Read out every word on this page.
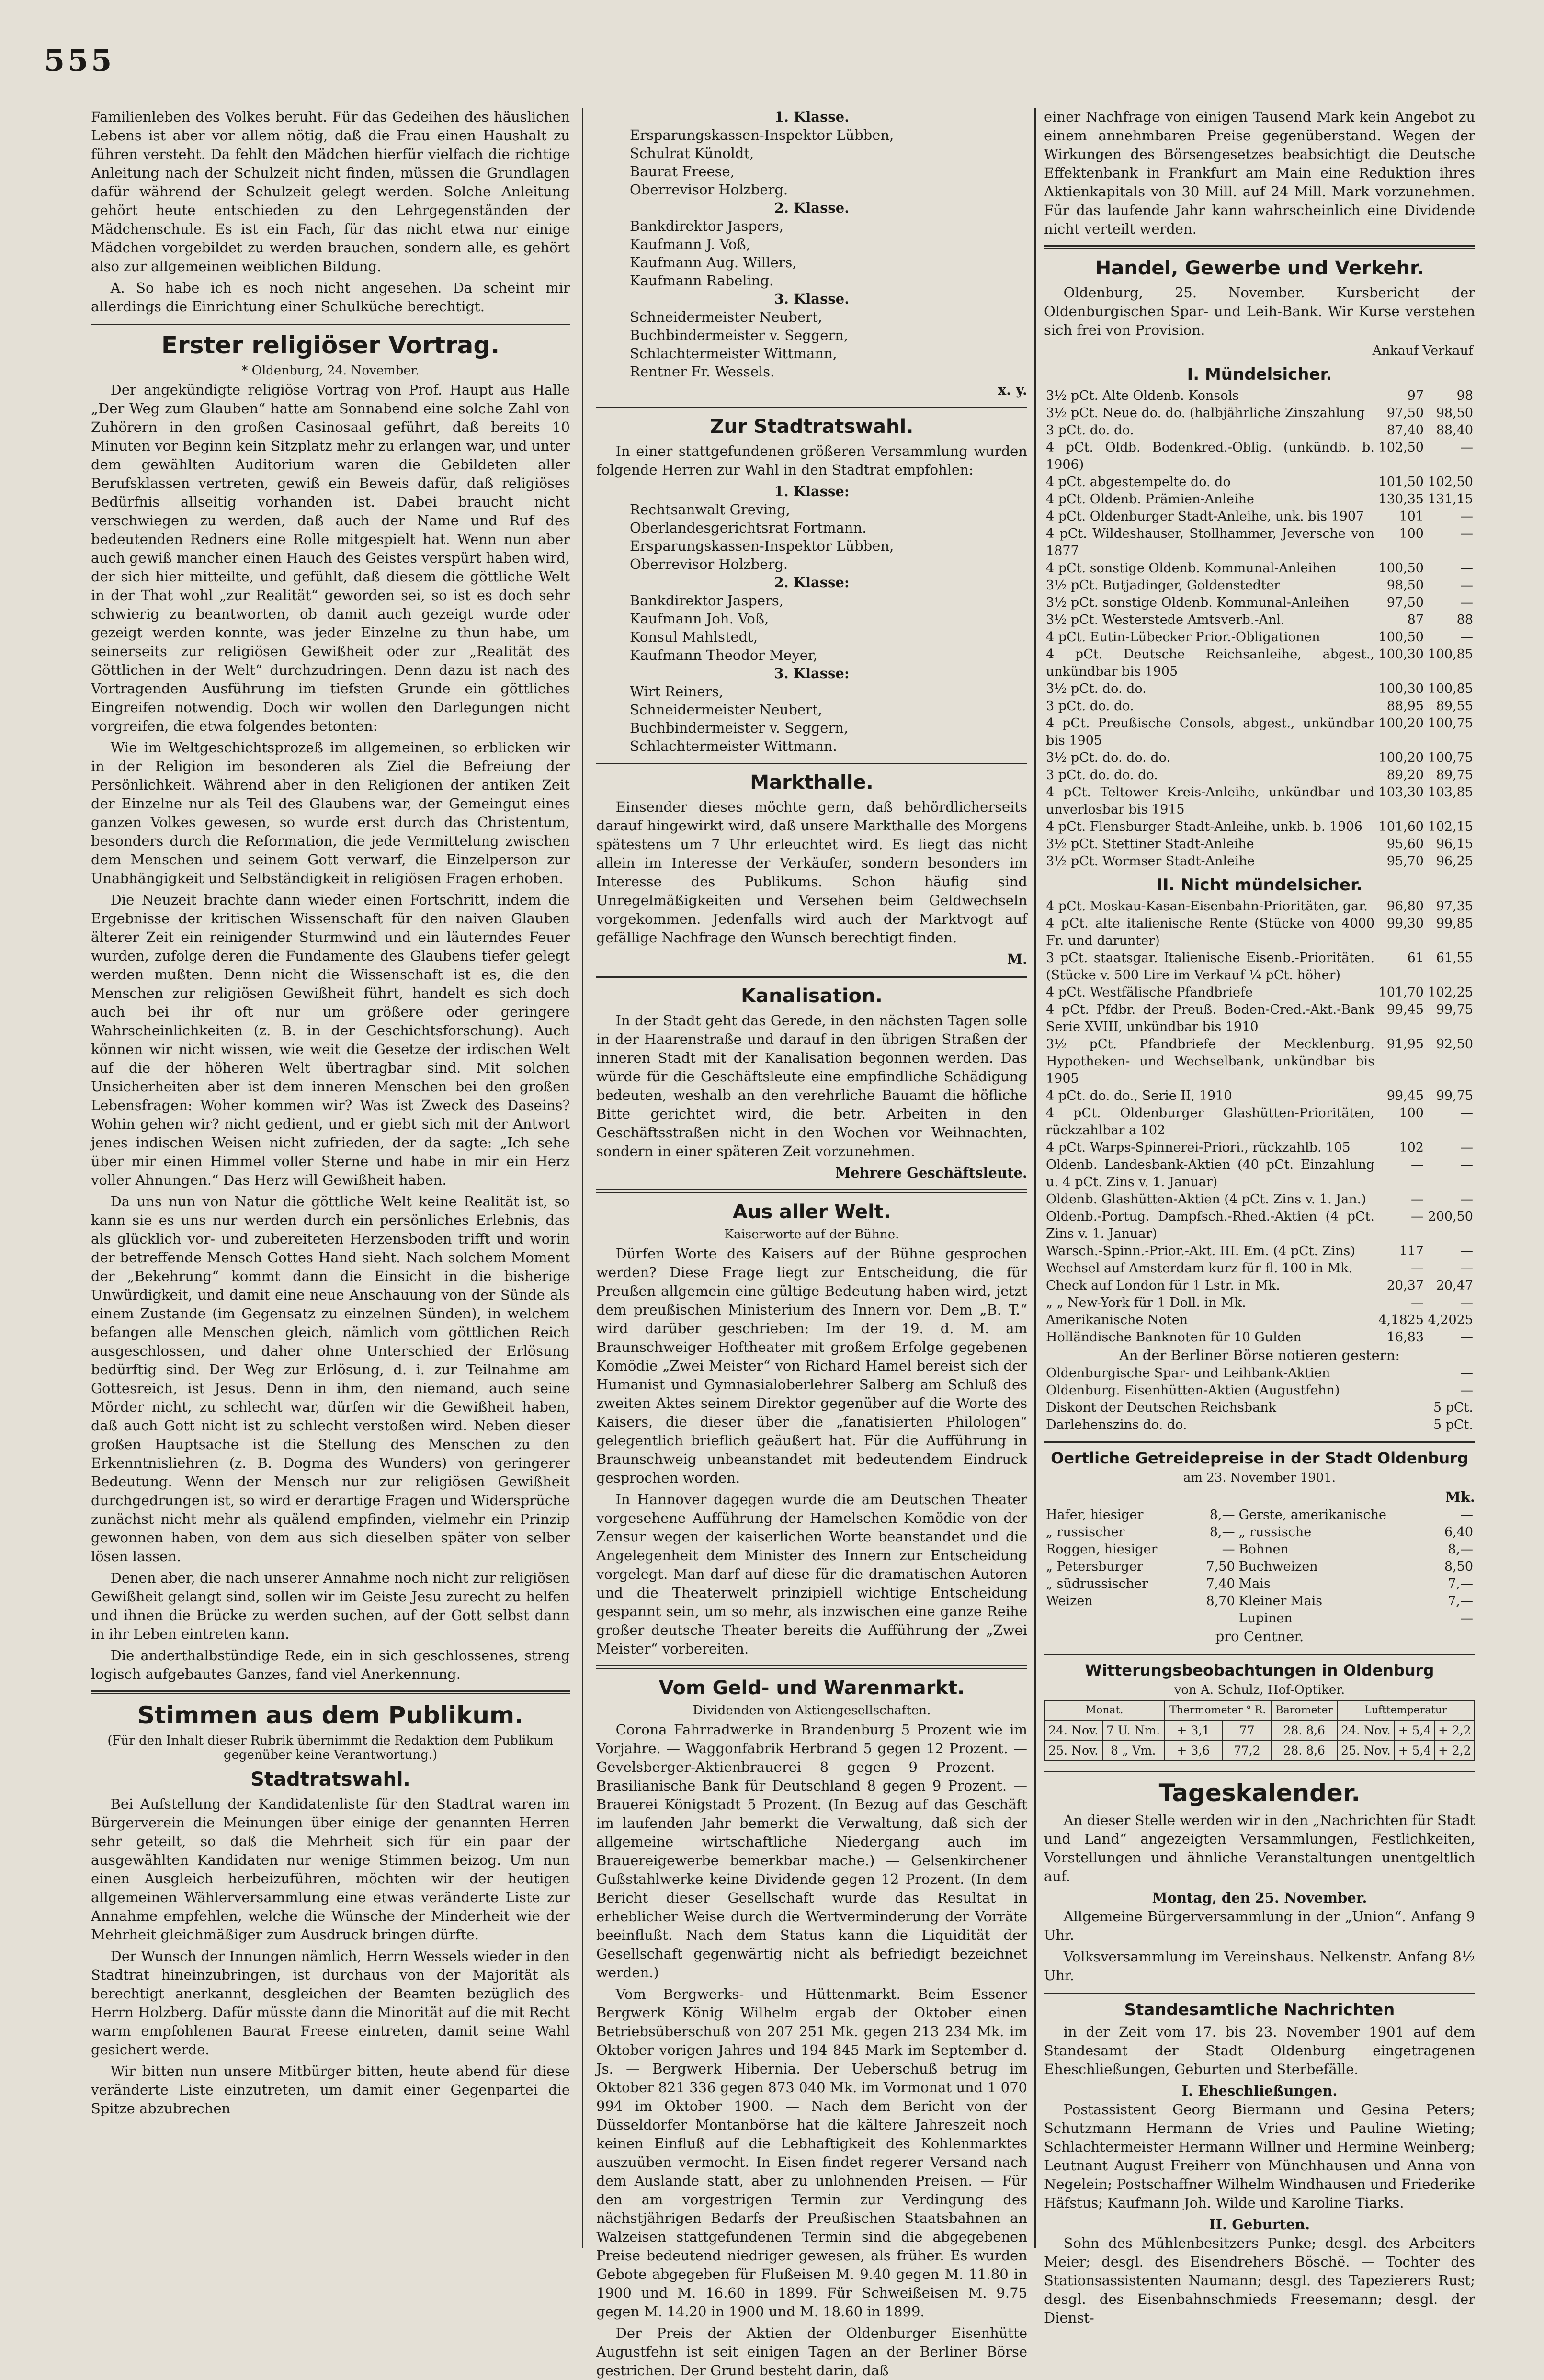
555

Familienleben des Volkes beruht. Für das Gedeihen des häuslichen Lebens ist aber vor allem nötig, daß die Frau einen Haushalt zu führen versteht. Da fehlt den Mädchen hierfür vielfach die richtige Anleitung nach der Schulzeit nicht finden, müssen die Grundlagen dafür während der Schulzeit gelegt werden. Solche Anleitung gehört heute entschieden zu den Lehrgegenständen der Mädchenschule. Es ist ein Fach, für das nicht etwa nur einige Mädchen vorgebildet zu werden brauchen, sondern alle, es gehört also zur allgemeinen weiblichen Bildung.

A. So habe ich es noch nicht angesehen. Da scheint mir allerdings die Einrichtung einer Schulküche berechtigt.

Erster religiöser Vortrag.
* Oldenburg, 24. November.

Der angekündigte religiöse Vortrag von Prof. Haupt aus Halle „Der Weg zum Glauben“ hatte am Sonnabend eine solche Zahl von Zuhörern in den großen Casinosaal geführt, daß bereits 10 Minuten vor Beginn kein Sitzplatz mehr zu erlangen war, und unter dem gewählten Auditorium waren die Gebildeten aller Berufsklassen vertreten, gewiß ein Beweis dafür, daß religiöses Bedürfnis allseitig vorhanden ist. Dabei braucht nicht verschwiegen zu werden, daß auch der Name und Ruf des bedeutenden Redners eine Rolle mitgespielt hat. Wenn nun aber auch gewiß mancher einen Hauch des Geistes verspürt haben wird, der sich hier mitteilte, und gefühlt, daß diesem die göttliche Welt in der That wohl „zur Realität“ geworden sei, so ist es doch sehr schwierig zu beantworten, ob damit auch gezeigt wurde oder gezeigt werden konnte, was jeder Einzelne zu thun habe, um seinerseits zur religiösen Gewißheit oder zur „Realität des Göttlichen in der Welt“ durchzudringen. Denn dazu ist nach des Vortragenden Ausführung im tiefsten Grunde ein göttliches Eingreifen notwendig. Doch wir wollen den Darlegungen nicht vorgreifen, die etwa folgendes betonten:

Wie im Weltgeschichtsprozeß im allgemeinen, so erblicken wir in der Religion im besonderen als Ziel die Befreiung der Persönlichkeit. Während aber in den Religionen der antiken Zeit der Einzelne nur als Teil des Glaubens war, der Gemeingut eines ganzen Volkes gewesen, so wurde erst durch das Christentum, besonders durch die Reformation, die jede Vermittelung zwischen dem Menschen und seinem Gott verwarf, die Einzelperson zur Unabhängigkeit und Selbständigkeit in religiösen Fragen erhoben.

Die Neuzeit brachte dann wieder einen Fortschritt, indem die Ergebnisse der kritischen Wissenschaft für den naiven Glauben älterer Zeit ein reinigender Sturmwind und ein läuterndes Feuer wurden, zufolge deren die Fundamente des Glaubens tiefer gelegt werden mußten. Denn nicht die Wissenschaft ist es, die den Menschen zur religiösen Gewißheit führt, handelt es sich doch auch bei ihr oft nur um größere oder geringere Wahrscheinlichkeiten (z. B. in der Geschichtsforschung). Auch können wir nicht wissen, wie weit die Gesetze der irdischen Welt auf die der höheren Welt übertragbar sind. Mit solchen Unsicherheiten aber ist dem inneren Menschen bei den großen Lebensfragen: Woher kommen wir? Was ist Zweck des Daseins? Wohin gehen wir? nicht gedient, und er giebt sich mit der Antwort jenes indischen Weisen nicht zufrieden, der da sagte: „Ich sehe über mir einen Himmel voller Sterne und habe in mir ein Herz voller Ahnungen.“ Das Herz will Gewißheit haben.

Da uns nun von Natur die göttliche Welt keine Realität ist, so kann sie es uns nur werden durch ein persönliches Erlebnis, das als glücklich vor- und zubereiteten Herzensboden trifft und worin der betreffende Mensch Gottes Hand sieht. Nach solchem Moment der „Bekehrung“ kommt dann die Einsicht in die bisherige Unwürdigkeit, und damit eine neue Anschauung von der Sünde als einem Zustande (im Gegensatz zu einzelnen Sünden), in welchem befangen alle Menschen gleich, nämlich vom göttlichen Reich ausgeschlossen, und daher ohne Unterschied der Erlösung bedürftig sind. Der Weg zur Erlösung, d. i. zur Teilnahme am Gottesreich, ist Jesus. Denn in ihm, den niemand, auch seine Mörder nicht, zu schlecht war, dürfen wir die Gewißheit haben, daß auch Gott nicht ist zu schlecht verstoßen wird. Neben dieser großen Hauptsache ist die Stellung des Menschen zu den Erkenntnisliehren (z. B. Dogma des Wunders) von geringerer Bedeutung. Wenn der Mensch nur zur religiösen Gewißheit durchgedrungen ist, so wird er derartige Fragen und Widersprüche zunächst nicht mehr als quälend empfinden, vielmehr ein Prinzip gewonnen haben, von dem aus sich dieselben später von selber lösen lassen.

Denen aber, die nach unserer Annahme noch nicht zur religiösen Gewißheit gelangt sind, sollen wir im Geiste Jesu zurecht zu helfen und ihnen die Brücke zu werden suchen, auf der Gott selbst dann in ihr Leben eintreten kann.

Die anderthalbstündige Rede, ein in sich geschlossenes, streng logisch aufgebautes Ganzes, fand viel Anerkennung.

Stimmen aus dem Publikum.
(Für den Inhalt dieser Rubrik übernimmt die Redaktion dem Publikum gegenüber keine Verantwortung.)
Stadtratswahl.

Bei Aufstellung der Kandidatenliste für den Stadtrat waren im Bürgerverein die Meinungen über einige der genannten Herren sehr geteilt, so daß die Mehrheit sich für ein paar der ausgewählten Kandidaten nur wenige Stimmen beizog. Um nun einen Ausgleich herbeizuführen, möchten wir der heutigen allgemeinen Wählerversammlung eine etwas veränderte Liste zur Annahme empfehlen, welche die Wünsche der Minderheit wie der Mehrheit gleichmäßiger zum Ausdruck bringen dürfte.

Der Wunsch der Innungen nämlich, Herrn Wessels wieder in den Stadtrat hineinzubringen, ist durchaus von der Majorität als berechtigt anerkannt, desgleichen der Beamten bezüglich des Herrn Holzberg. Dafür müsste dann die Minorität auf die mit Recht warm empfohlenen Baurat Freese eintreten, damit seine Wahl gesichert werde.

Wir bitten nun unsere Mitbürger bitten, heute abend für diese veränderte Liste einzutreten, um damit einer Gegenpartei die Spitze abzubrechen

1. Klasse.
Ersparungskassen-Inspektor Lübben,
Schulrat Künoldt,
Baurat Freese,
Oberrevisor Holzberg.
2. Klasse.
Bankdirektor Jaspers,
Kaufmann J. Voß,
Kaufmann Aug. Willers,
Kaufmann Rabeling.
3. Klasse.
Schneidermeister Neubert,
Buchbindermeister v. Seggern,
Schlachtermeister Wittmann,
Rentner Fr. Wessels.
x. y.
Zur Stadtratswahl.

In einer stattgefundenen größeren Versammlung wurden folgende Herren zur Wahl in den Stadtrat empfohlen:

1. Klasse:
Rechtsanwalt Greving,
Oberlandesgerichtsrat Fortmann.
Ersparungskassen-Inspektor Lübben,
Oberrevisor Holzberg.
2. Klasse:
Bankdirektor Jaspers,
Kaufmann Joh. Voß,
Konsul Mahlstedt,
Kaufmann Theodor Meyer,
3. Klasse:
Wirt Reiners,
Schneidermeister Neubert,
Buchbindermeister v. Seggern,
Schlachtermeister Wittmann.
Markthalle.

Einsender dieses möchte gern, daß behördlicherseits darauf hingewirkt wird, daß unsere Markthalle des Morgens spätestens um 7 Uhr erleuchtet wird. Es liegt das nicht allein im Interesse der Verkäufer, sondern besonders im Interesse des Publikums. Schon häufig sind Unregelmäßigkeiten und Versehen beim Geldwechseln vorgekommen. Jedenfalls wird auch der Marktvogt auf gefällige Nachfrage den Wunsch berechtigt finden.

M.
Kanalisation.

In der Stadt geht das Gerede, in den nächsten Tagen solle in der Haarenstraße und darauf in den übrigen Straßen der inneren Stadt mit der Kanalisation begonnen werden. Das würde für die Geschäftsleute eine empfindliche Schädigung bedeuten, weshalb an den verehrliche Bauamt die höfliche Bitte gerichtet wird, die betr. Arbeiten in den Geschäftsstraßen nicht in den Wochen vor Weihnachten, sondern in einer späteren Zeit vorzunehmen.

Mehrere Geschäftsleute.
Aus aller Welt.
Kaiserworte auf der Bühne.

Dürfen Worte des Kaisers auf der Bühne gesprochen werden? Diese Frage liegt zur Entscheidung, die für Preußen allgemein eine gültige Bedeutung haben wird, jetzt dem preußischen Ministerium des Innern vor. Dem „B. T.“ wird darüber geschrieben: Im der 19. d. M. am Braunschweiger Hoftheater mit großem Erfolge gegebenen Komödie „Zwei Meister“ von Richard Hamel bereist sich der Humanist und Gymnasialoberlehrer Salberg am Schluß des zweiten Aktes seinem Direktor gegenüber auf die Worte des Kaisers, die dieser über die „fanatisierten Philologen“ gelegentlich brieflich geäußert hat. Für die Aufführung in Braunschweig unbeanstandet mit bedeutendem Eindruck gesprochen worden.

In Hannover dagegen wurde die am Deutschen Theater vorgesehene Aufführung der Hamelschen Komödie von der Zensur wegen der kaiserlichen Worte beanstandet und die Angelegenheit dem Minister des Innern zur Entscheidung vorgelegt. Man darf auf diese für die dramatischen Autoren und die Theaterwelt prinzipiell wichtige Entscheidung gespannt sein, um so mehr, als inzwischen eine ganze Reihe großer deutsche Theater bereits die Aufführung der „Zwei Meister“ vorbereiten.

Vom Geld- und Warenmarkt.
Dividenden von Aktiengesellschaften.

Corona Fahrradwerke in Brandenburg 5 Prozent wie im Vorjahre. — Waggonfabrik Herbrand 5 gegen 12 Prozent. — Gevelsberger-Aktienbrauerei 8 gegen 9 Prozent. — Brasilianische Bank für Deutschland 8 gegen 9 Prozent. — Brauerei Königstadt 5 Prozent. (In Bezug auf das Geschäft im laufenden Jahr bemerkt die Verwaltung, daß sich der allgemeine wirtschaftliche Niedergang auch im Brauereigewerbe bemerkbar mache.) — Gelsenkirchener Gußstahlwerke keine Dividende gegen 12 Prozent. (In dem Bericht dieser Gesellschaft wurde das Resultat in erheblicher Weise durch die Wertverminderung der Vorräte beeinflußt. Nach dem Status kann die Liquidität der Gesellschaft gegenwärtig nicht als befriedigt bezeichnet werden.)

Vom Bergwerks- und Hüttenmarkt. Beim Essener Bergwerk König Wilhelm ergab der Oktober einen Betriebsüberschuß von 207 251 Mk. gegen 213 234 Mk. im Oktober vorigen Jahres und 194 845 Mark im September d. Js. — Bergwerk Hibernia. Der Ueberschuß betrug im Oktober 821 336 gegen 873 040 Mk. im Vormonat und 1 070 994 im Oktober 1900. — Nach dem Bericht von der Düsseldorfer Montanbörse hat die kältere Jahreszeit noch keinen Einfluß auf die Lebhaftigkeit des Kohlenmarktes auszuüben vermocht. In Eisen findet regerer Versand nach dem Auslande statt, aber zu unlohnenden Preisen. — Für den am vorgestrigen Termin zur Verdingung des nächstjährigen Bedarfs der Preußischen Staatsbahnen an Walzeisen stattgefundenen Termin sind die abgegebenen Preise bedeutend niedriger gewesen, als früher. Es wurden Gebote abgegeben für Flußeisen M. 9.40 gegen M. 11.80 in 1900 und M. 16.60 in 1899. Für Schweißeisen M. 9.75 gegen M. 14.20 in 1900 und M. 18.60 in 1899.

Der Preis der Aktien der Oldenburger Eisenhütte Augustfehn ist seit einigen Tagen an der Berliner Börse gestrichen. Der Grund besteht darin, daß

einer Nachfrage von einigen Tausend Mark kein Angebot zu einem annehmbaren Preise gegenüberstand. Wegen der Wirkungen des Börsengesetzes beabsichtigt die Deutsche Effektenbank in Frankfurt am Main eine Reduktion ihres Aktienkapitals von 30 Mill. auf 24 Mill. Mark vorzunehmen. Für das laufende Jahr kann wahrscheinlich eine Dividende nicht verteilt werden.

Handel, Gewerbe und Verkehr.

Oldenburg, 25. November. Kursbericht der Oldenburgischen Spar- und Leih-Bank. Wir Kurse verstehen sich frei von Provision.

	Ankauf	Verkauf
I. Mündelsicher.
3½ pCt. Alte Oldenb. Konsols	97	98
3½ pCt. Neue do. do. (halbjährliche Zinszahlung	97,50	98,50
3 pCt. do. do.	87,40	88,40
4 pCt. Oldb. Bodenkred.-Oblig. (unkündb. b. 1906)	102,50	—
4 pCt. abgestempelte do. do	101,50	102,50
4 pCt. Oldenb. Prämien-Anleihe	130,35	131,15
4 pCt. Oldenburger Stadt-Anleihe, unk. bis 1907	101	—
4 pCt. Wildeshauser, Stollhammer, Jeversche von 1877	100	—
4 pCt. sonstige Oldenb. Kommunal-Anleihen	100,50	—
3½ pCt. Butjadinger, Goldenstedter	98,50	—
3½ pCt. sonstige Oldenb. Kommunal-Anleihen	97,50	—
3½ pCt. Westerstede Amtsverb.-Anl.	87	88
4 pCt. Eutin-Lübecker Prior.-Obligationen	100,50	—
4 pCt. Deutsche Reichsanleihe, abgest., unkündbar bis 1905	100,30	100,85
3½ pCt. do. do.	100,30	100,85
3 pCt. do. do.	88,95	89,55
4 pCt. Preußische Consols, abgest., unkündbar bis 1905	100,20	100,75
3½ pCt. do. do. do.	100,20	100,75
3 pCt. do. do. do.	89,20	89,75
4 pCt. Teltower Kreis-Anleihe, unkündbar und unverlosbar bis 1915	103,30	103,85
4 pCt. Flensburger Stadt-Anleihe, unkb. b. 1906	101,60	102,15
3½ pCt. Stettiner Stadt-Anleihe	95,60	96,15
3½ pCt. Wormser Stadt-Anleihe	95,70	96,25
II. Nicht mündelsicher.
4 pCt. Moskau-Kasan-Eisenbahn-Prioritäten, gar.	96,80	97,35
4 pCt. alte italienische Rente (Stücke von 4000 Fr. und darunter)	99,30	99,85
3 pCt. staatsgar. Italienische Eisenb.-Prioritäten. (Stücke v. 500 Lire im Verkauf ¼ pCt. höher)	61	61,55
4 pCt. Westfälische Pfandbriefe	101,70	102,25
4 pCt. Pfdbr. der Preuß. Boden-Cred.-Akt.-Bank Serie XVIII, unkündbar bis 1910	99,45	99,75
3½ pCt. Pfandbriefe der Mecklenburg. Hypotheken- und Wechselbank, unkündbar bis 1905	91,95	92,50
4 pCt. do. do., Serie II, 1910	99,45	99,75
4 pCt. Oldenburger Glashütten-Prioritäten, rückzahlbar a 102	100	—
4 pCt. Warps-Spinnerei-Priori., rückzahlb. 105	102	—
Oldenb. Landesbank-Aktien (40 pCt. Einzahlung u. 4 pCt. Zins v. 1. Januar)	—	—
Oldenb. Glashütten-Aktien (4 pCt. Zins v. 1. Jan.)	—	—
Oldenb.-Portug. Dampfsch.-Rhed.-Aktien (4 pCt. Zins v. 1. Januar)	—	200,50
Warsch.-Spinn.-Prior.-Akt. III. Em. (4 pCt. Zins)	117	—
Wechsel auf Amsterdam kurz für fl. 100 in Mk.	—	—
Check auf London für 1 Lstr. in Mk.	20,37	20,47
„ „ New-York für 1 Doll. in Mk.	—	—
Amerikanische Noten	4,1825	4,2025
Holländische Banknoten für 10 Gulden	16,83	—
An der Berliner Börse notieren gestern:
Oldenburgische Spar- und Leihbank-Aktien	—
Oldenburg. Eisenhütten-Aktien (Augustfehn)	—
Diskont der Deutschen Reichsbank	5 pCt.
Darlehenszins do. do.	5 pCt.
Oertliche Getreidepreise in der Stadt Oldenburg
am 23. November 1901.
Mk.
Hafer, hiesiger	8,—	Gerste, amerikanische	—
„ russischer	8,—	„ russische	6,40
Roggen, hiesiger	—	Bohnen	8,—
„ Petersburger	7,50	Buchweizen	8,50
„ südrussischer	7,40	Mais	7,—
Weizen	8,70	Kleiner Mais	7,—
		Lupinen	—
pro Centner.
Witterungsbeobachtungen in Oldenburg
von A. Schulz, Hof-Optiker.
Monat.		Thermometer ° R.		Barometer	Lufttemperatur		
24. Nov.	7 U. Nm.	+ 3,1	77	28. 8,6	24. Nov.	+ 5,4	+ 2,2
25. Nov.	8 „ Vm.	+ 3,6	77,2	28. 8,6	25. Nov.	+ 5,4	+ 2,2
Tageskalender.

An dieser Stelle werden wir in den „Nachrichten für Stadt und Land“ angezeigten Versammlungen, Festlichkeiten, Vorstellungen und ähnliche Veranstaltungen unentgeltlich auf.

Montag, den 25. November.

Allgemeine Bürgerversammlung in der „Union“. Anfang 9 Uhr.

Volksversammlung im Vereinshaus. Nelkenstr. Anfang 8½ Uhr.

Standesamtliche Nachrichten

in der Zeit vom 17. bis 23. November 1901 auf dem Standesamt der Stadt Oldenburg eingetragenen Eheschließungen, Geburten und Sterbefälle.

I. Eheschließungen.

Postassistent Georg Biermann und Gesina Peters; Schutzmann Hermann de Vries und Pauline Wieting; Schlachtermeister Hermann Willner und Hermine Weinberg; Leutnant August Freiherr von Münchhausen und Anna von Negelein; Postschaffner Wilhelm Windhausen und Friederike Häfstus; Kaufmann Joh. Wilde und Karoline Tiarks.

II. Geburten.

Sohn des Mühlenbesitzers Punke; desgl. des Arbeiters Meier; desgl. des Eisendrehers Böschë. — Tochter des Stationsassistenten Naumann; desgl. des Tapezierers Rust; desgl. des Eisenbahnschmieds Freesemann; desgl. der Dienst-
